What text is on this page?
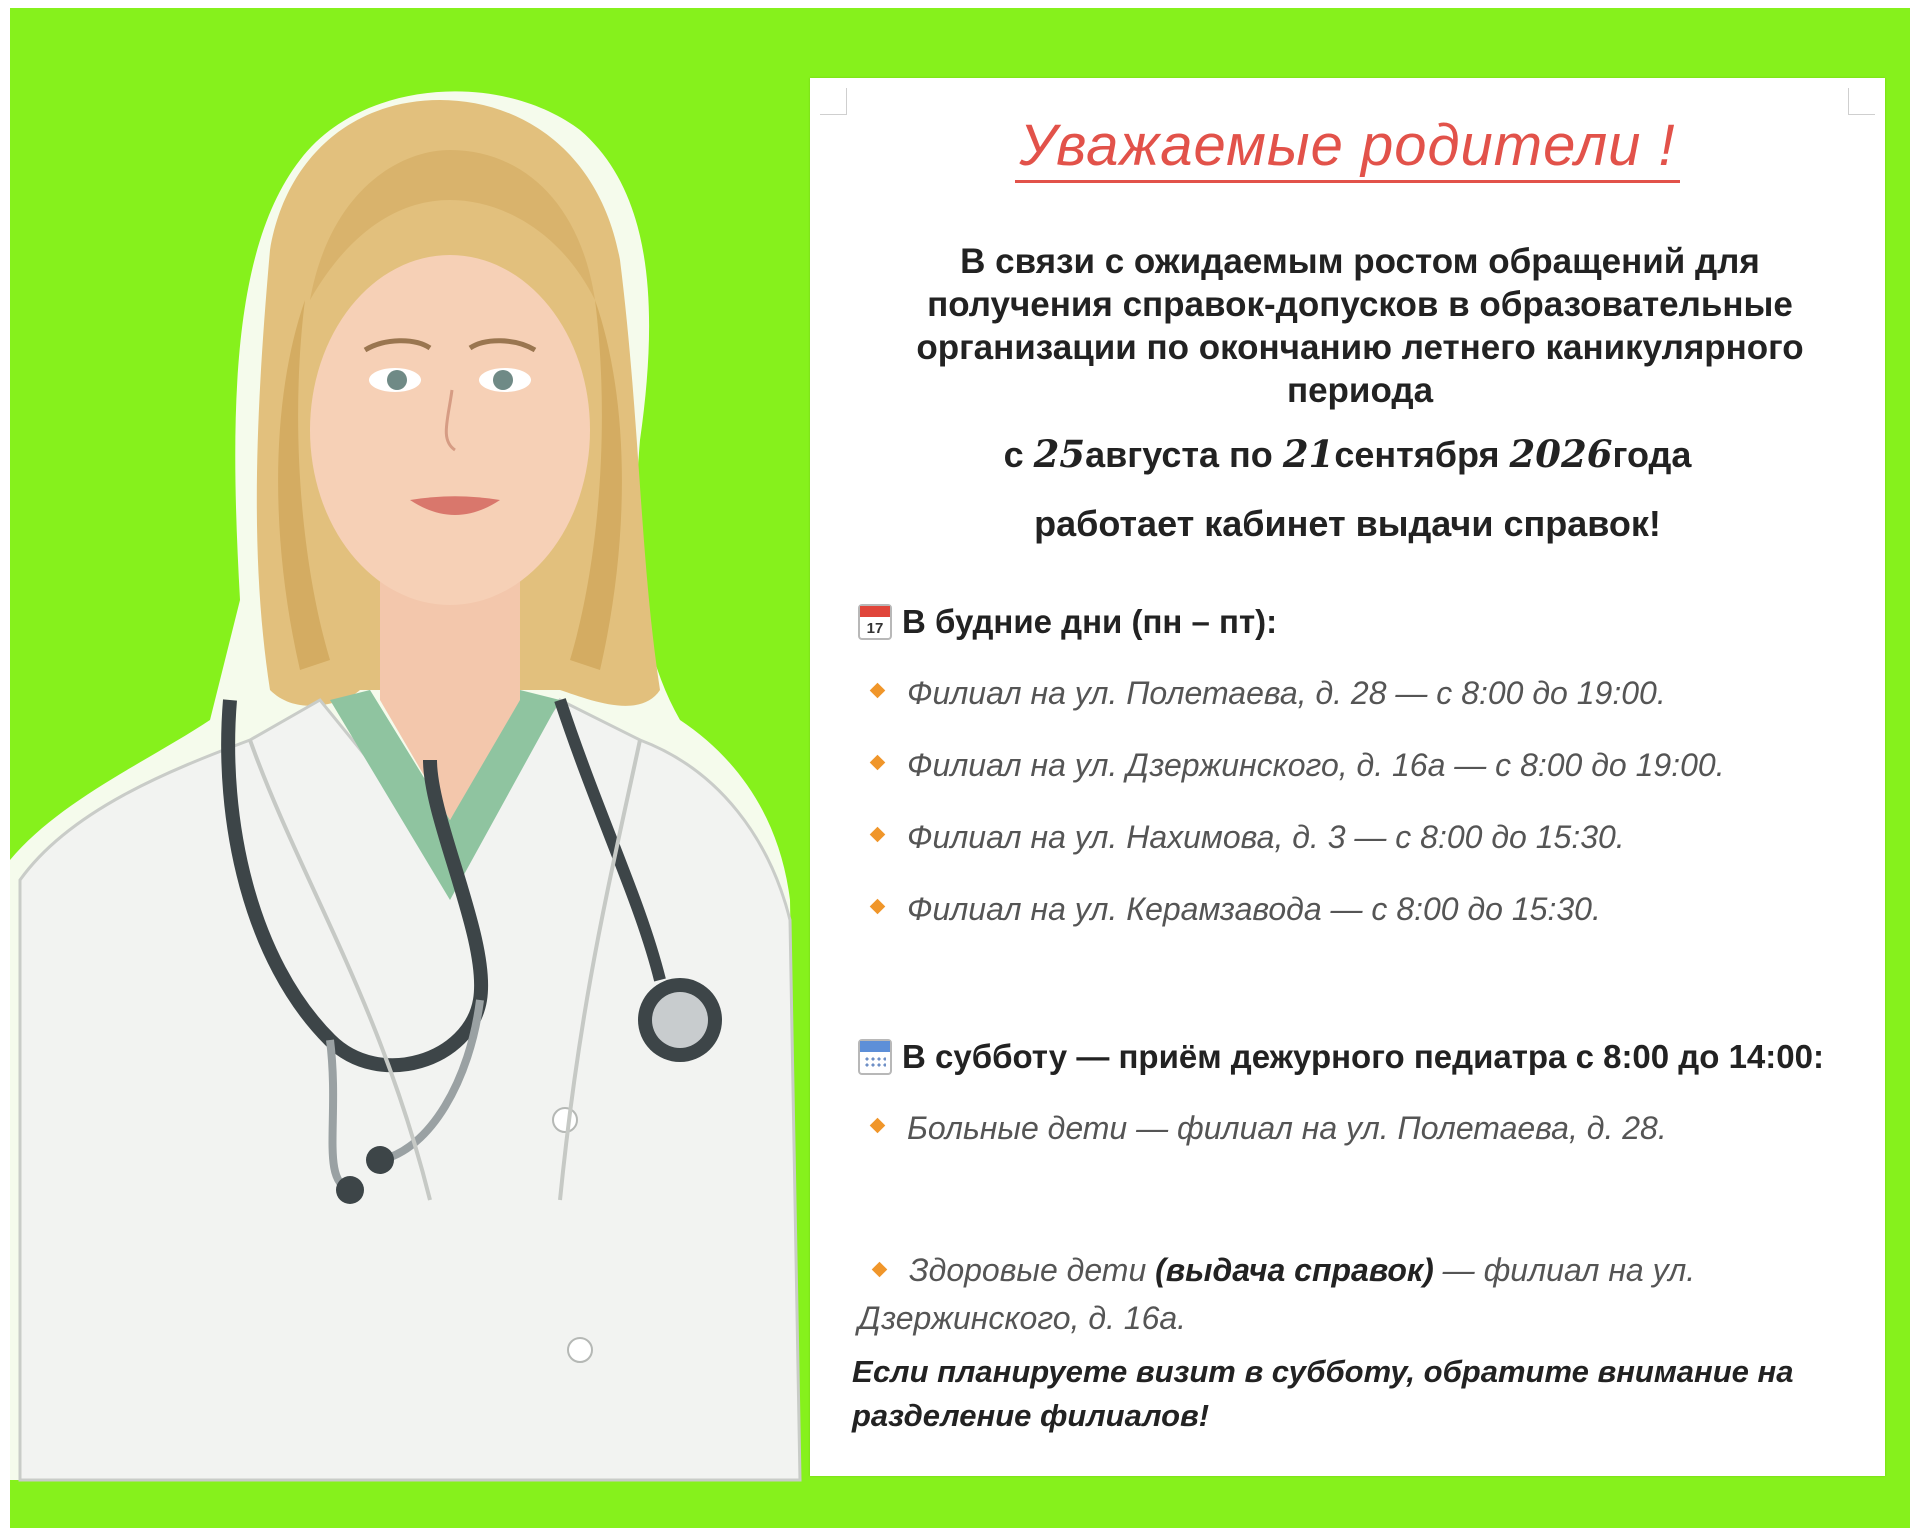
Уважаемые родители !
В связи с ожидаемым ростом обращений для получения справок-допусков в образовательные организации по окончанию летнего каникулярного периода
с 25августа по 21сентября 2026года
работает кабинет выдачи справок!
17 В будние дни (пн – пт):
Филиал на ул. Полетаева, д. 28 — с 8:00 до 19:00.
Филиал на ул. Дзержинского, д. 16а — с 8:00 до 19:00.
Филиал на ул. Нахимова, д. 3 — с 8:00 до 15:30.
Филиал на ул. Керамзавода — с 8:00 до 15:30.
В субботу — приём дежурного педиатра с 8:00 до 14:00:
Больные дети — филиал на ул. Полетаева, д. 28.
Здоровые дети (выдача справок) — филиал на ул. Дзержинского, д. 16а.
Если планируете визит в субботу, обратите внимание на разделение филиалов!
